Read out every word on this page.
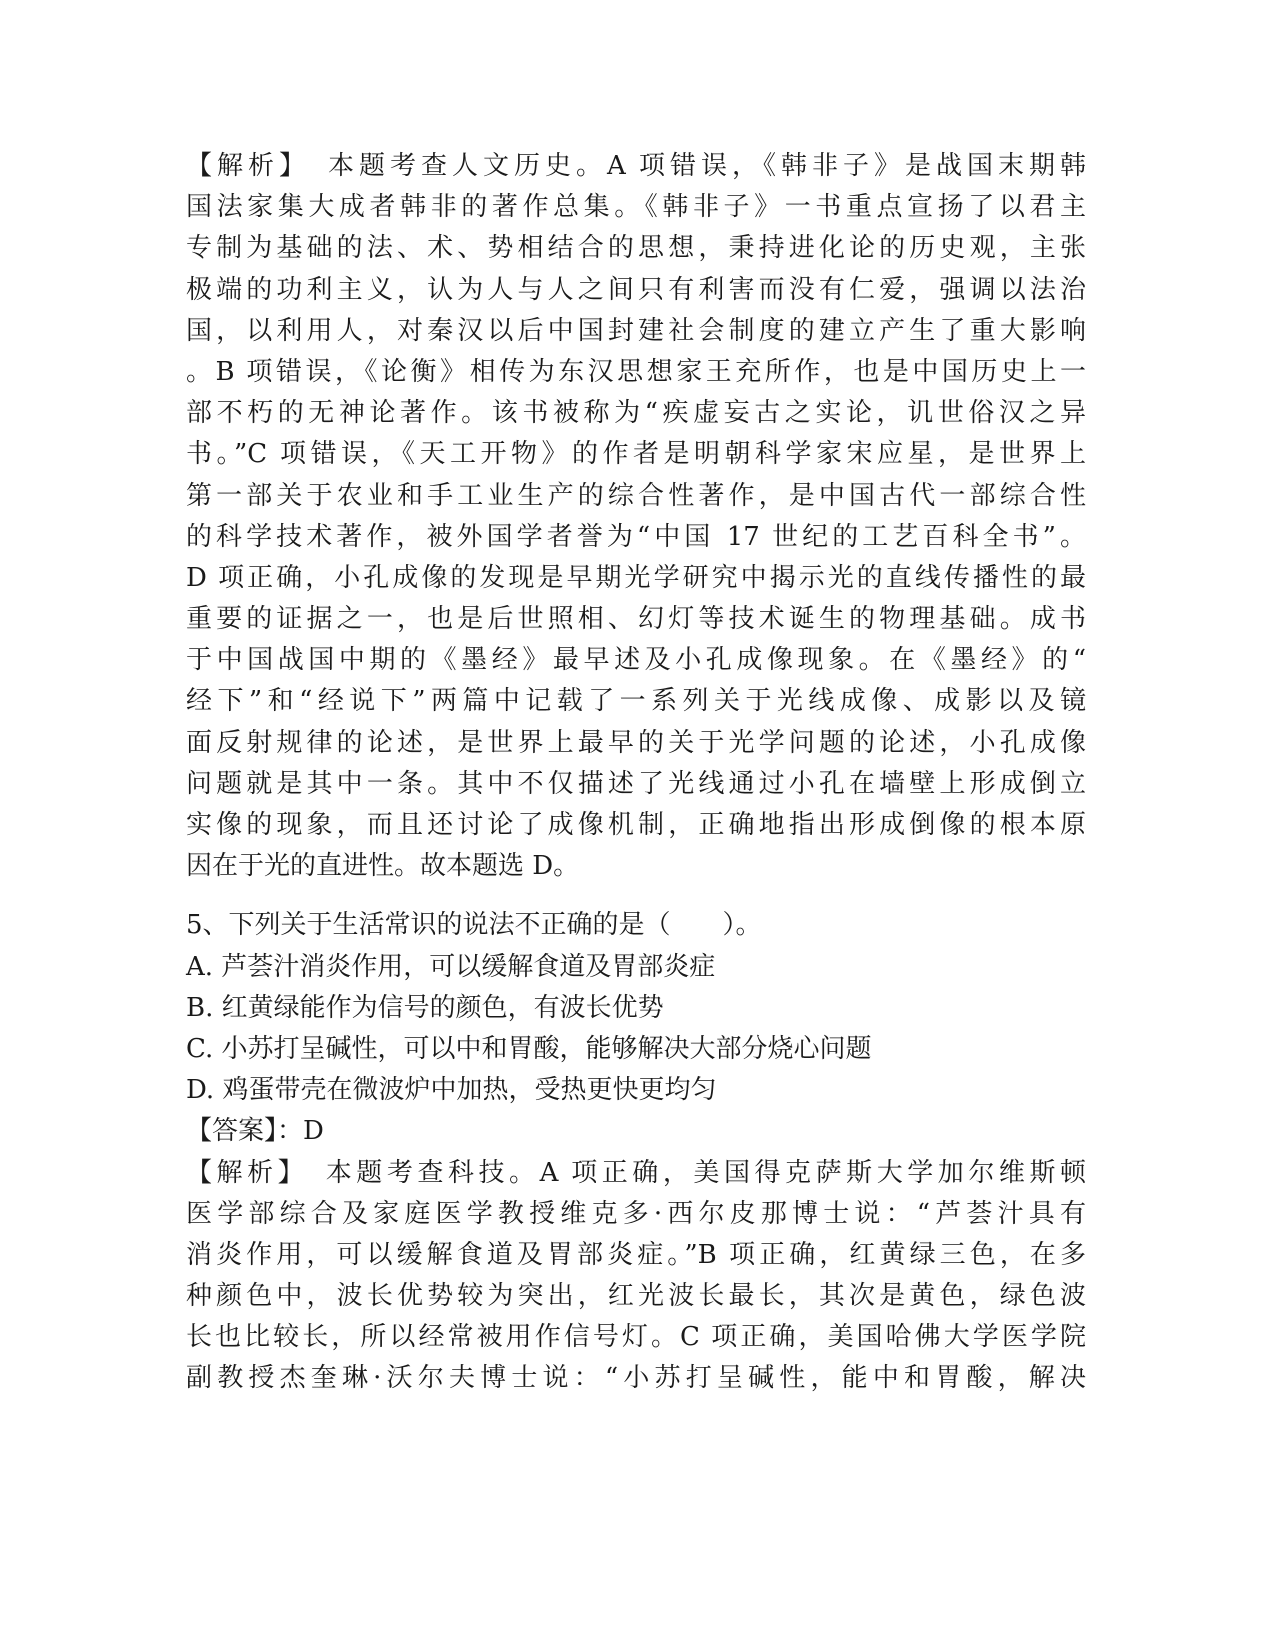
【解析】　本题考查人文历史。A 项错误，《韩非子》是战国末期韩
国法家集大成者韩非的著作总集。《韩非子》一书重点宣扬了以君主
专制为基础的法、术、势相结合的思想，秉持进化论的历史观，主张
极端的功利主义，认为人与人之间只有利害而没有仁爱，强调以法治
国，以利用人，对秦汉以后中国封建社会制度的建立产生了重大影响
。B 项错误，《论衡》相传为东汉思想家王充所作，也是中国历史上一
部不朽的无神论著作。该书被称为“疾虚妄古之实论，讥世俗汉之异
书。”C 项错误，《天工开物》的作者是明朝科学家宋应星，是世界上
第一部关于农业和手工业生产的综合性著作，是中国古代一部综合性
的科学技术著作，被外国学者誉为“中国 17 世纪的工艺百科全书”。
D 项正确，小孔成像的发现是早期光学研究中揭示光的直线传播性的最
重要的证据之一，也是后世照相、幻灯等技术诞生的物理基础。成书
于中国战国中期的《墨经》最早述及小孔成像现象。在《墨经》的“
经下”和“经说下”两篇中记载了一系列关于光线成像、成影以及镜
面反射规律的论述，是世界上最早的关于光学问题的论述，小孔成像
问题就是其中一条。其中不仅描述了光线通过小孔在墙壁上形成倒立
实像的现象，而且还讨论了成像机制，正确地指出形成倒像的根本原
因在于光的直进性。故本题选 D。
5、下列关于生活常识的说法不正确的是（　　）。
A. 芦荟汁消炎作用，可以缓解食道及胃部炎症
B. 红黄绿能作为信号的颜色，有波长优势
C. 小苏打呈碱性，可以中和胃酸，能够解决大部分烧心问题
D. 鸡蛋带壳在微波炉中加热，受热更快更均匀
【答案】：D
【解析】　本题考查科技。A 项正确，美国得克萨斯大学加尔维斯顿
医学部综合及家庭医学教授维克多·西尔皮那博士说：“芦荟汁具有
消炎作用，可以缓解食道及胃部炎症。”B 项正确，红黄绿三色，在多
种颜色中，波长优势较为突出，红光波长最长，其次是黄色，绿色波
长也比较长，所以经常被用作信号灯。C 项正确，美国哈佛大学医学院
副教授杰奎琳·沃尔夫博士说：“小苏打呈碱性，能中和胃酸，解决
